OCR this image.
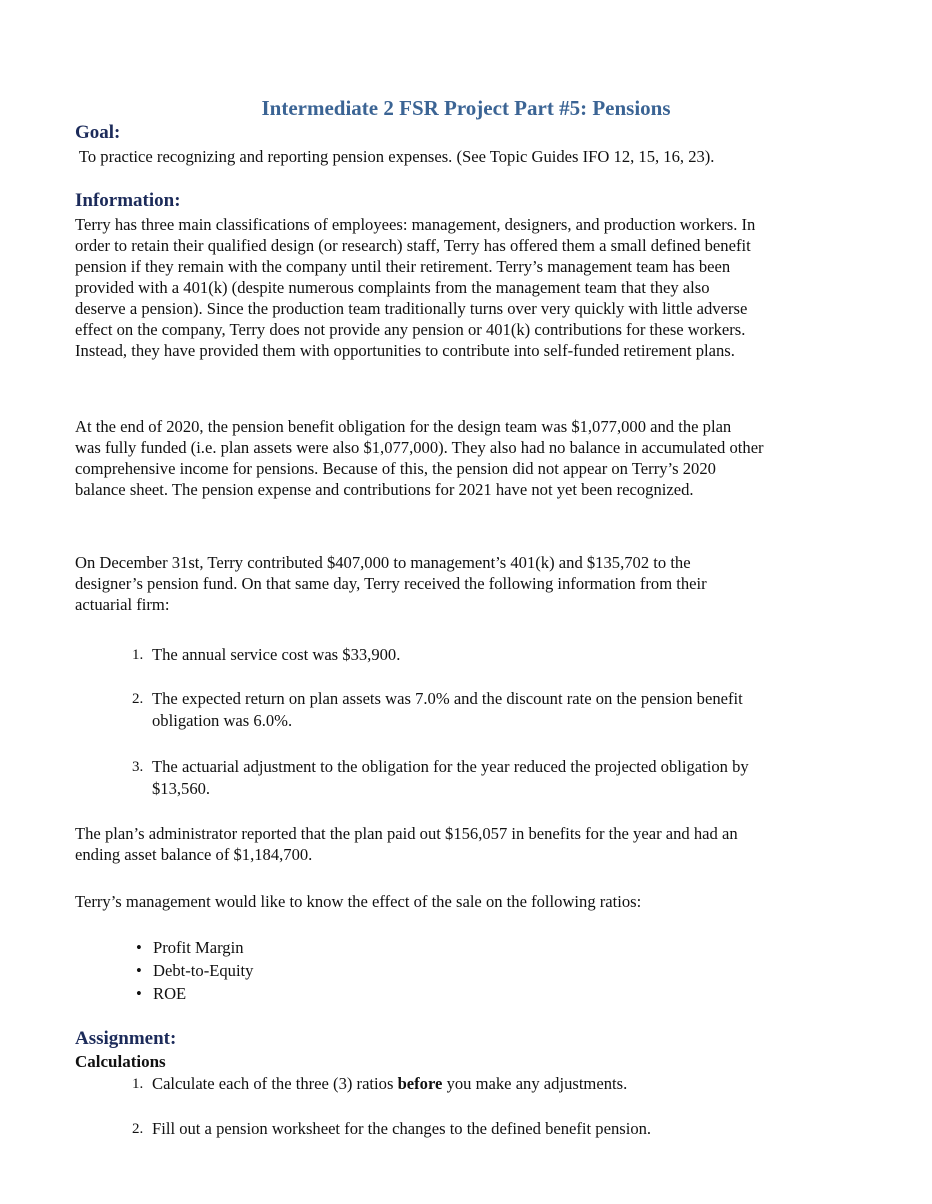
Intermediate 2 FSR Project Part #5: Pensions
Goal:
To practice recognizing and reporting pension expenses. (See Topic Guides IFO 12, 15, 16, 23).
Information:
Terry has three main classifications of employees: management, designers, and production workers. In
order to retain their qualified design (or research) staff, Terry has offered them a small defined benefit
pension if they remain with the company until their retirement. Terry’s management team has been
provided with a 401(k) (despite numerous complaints from the management team that they also
deserve a pension). Since the production team traditionally turns over very quickly with little adverse
effect on the company, Terry does not provide any pension or 401(k) contributions for these workers.
Instead, they have provided them with opportunities to contribute into self-funded retirement plans.
At the end of 2020, the pension benefit obligation for the design team was $1,077,000 and the plan
was fully funded (i.e. plan assets were also $1,077,000). They also had no balance in accumulated other
comprehensive income for pensions. Because of this, the pension did not appear on Terry’s 2020
balance sheet. The pension expense and contributions for 2021 have not yet been recognized.
On December 31st, Terry contributed $407,000 to management’s 401(k) and $135,702 to the
designer’s pension fund. On that same day, Terry received the following information from their
actuarial firm:
1. The annual service cost was $33,900.
2. The expected return on plan assets was 7.0% and the discount rate on the pension benefit
obligation was 6.0%.
3. The actuarial adjustment to the obligation for the year reduced the projected obligation by
$13,560.
The plan’s administrator reported that the plan paid out $156,057 in benefits for the year and had an
ending asset balance of $1,184,700.
Terry’s management would like to know the effect of the sale on the following ratios:
• Profit Margin
• Debt-to-Equity
• ROE
Assignment:
Calculations
1. Calculate each of the three (3) ratios before you make any adjustments.
2. Fill out a pension worksheet for the changes to the defined benefit pension.
